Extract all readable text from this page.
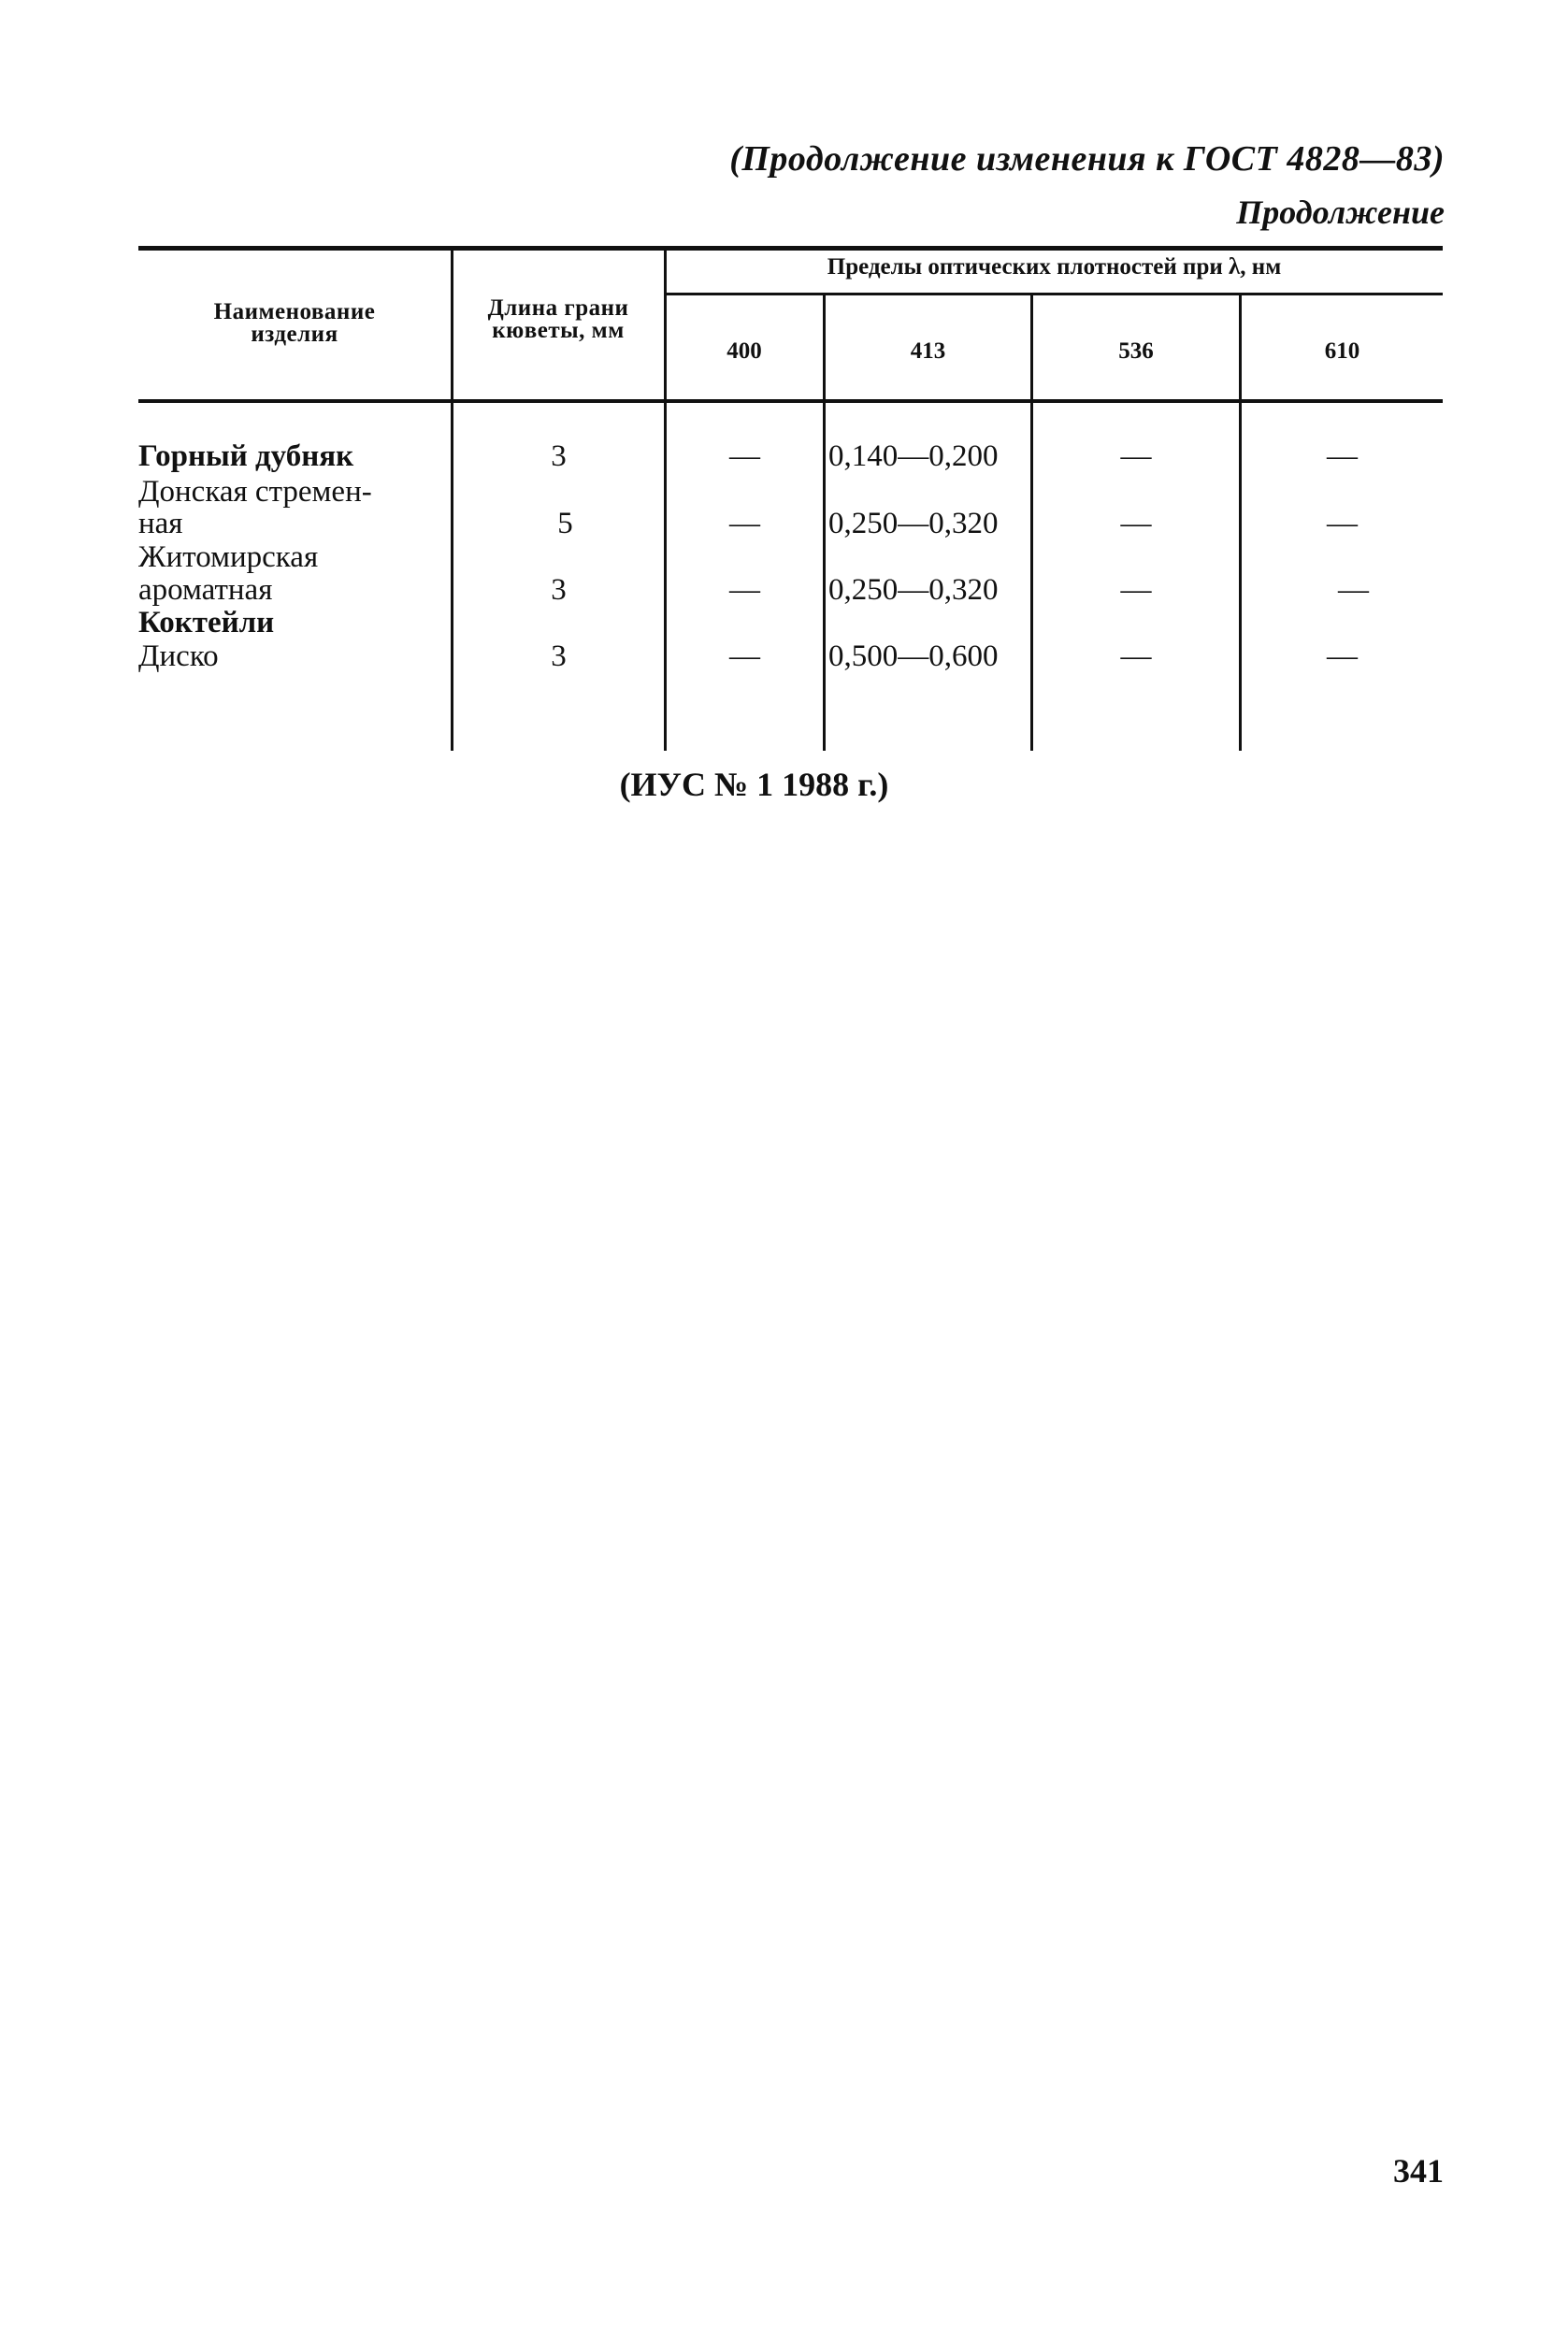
(Продолжение изменения к ГОСТ 4828—83)
Продолжение
Наименование изделия
Длина грани кюветы, мм
Пределы оптических плотностей при λ, нм
400	413	536	610
Горный дубняк	3	—	0,140—0,200	—	—
Донская стремен-
ная	5	—	0,250—0,320	—	—
Житомирская
ароматная	3	—	0,250—0,320	—	—
Коктейли
Диско	3	—	0,500—0,600	—	—
(ИУС № 1 1988 г.)
341
